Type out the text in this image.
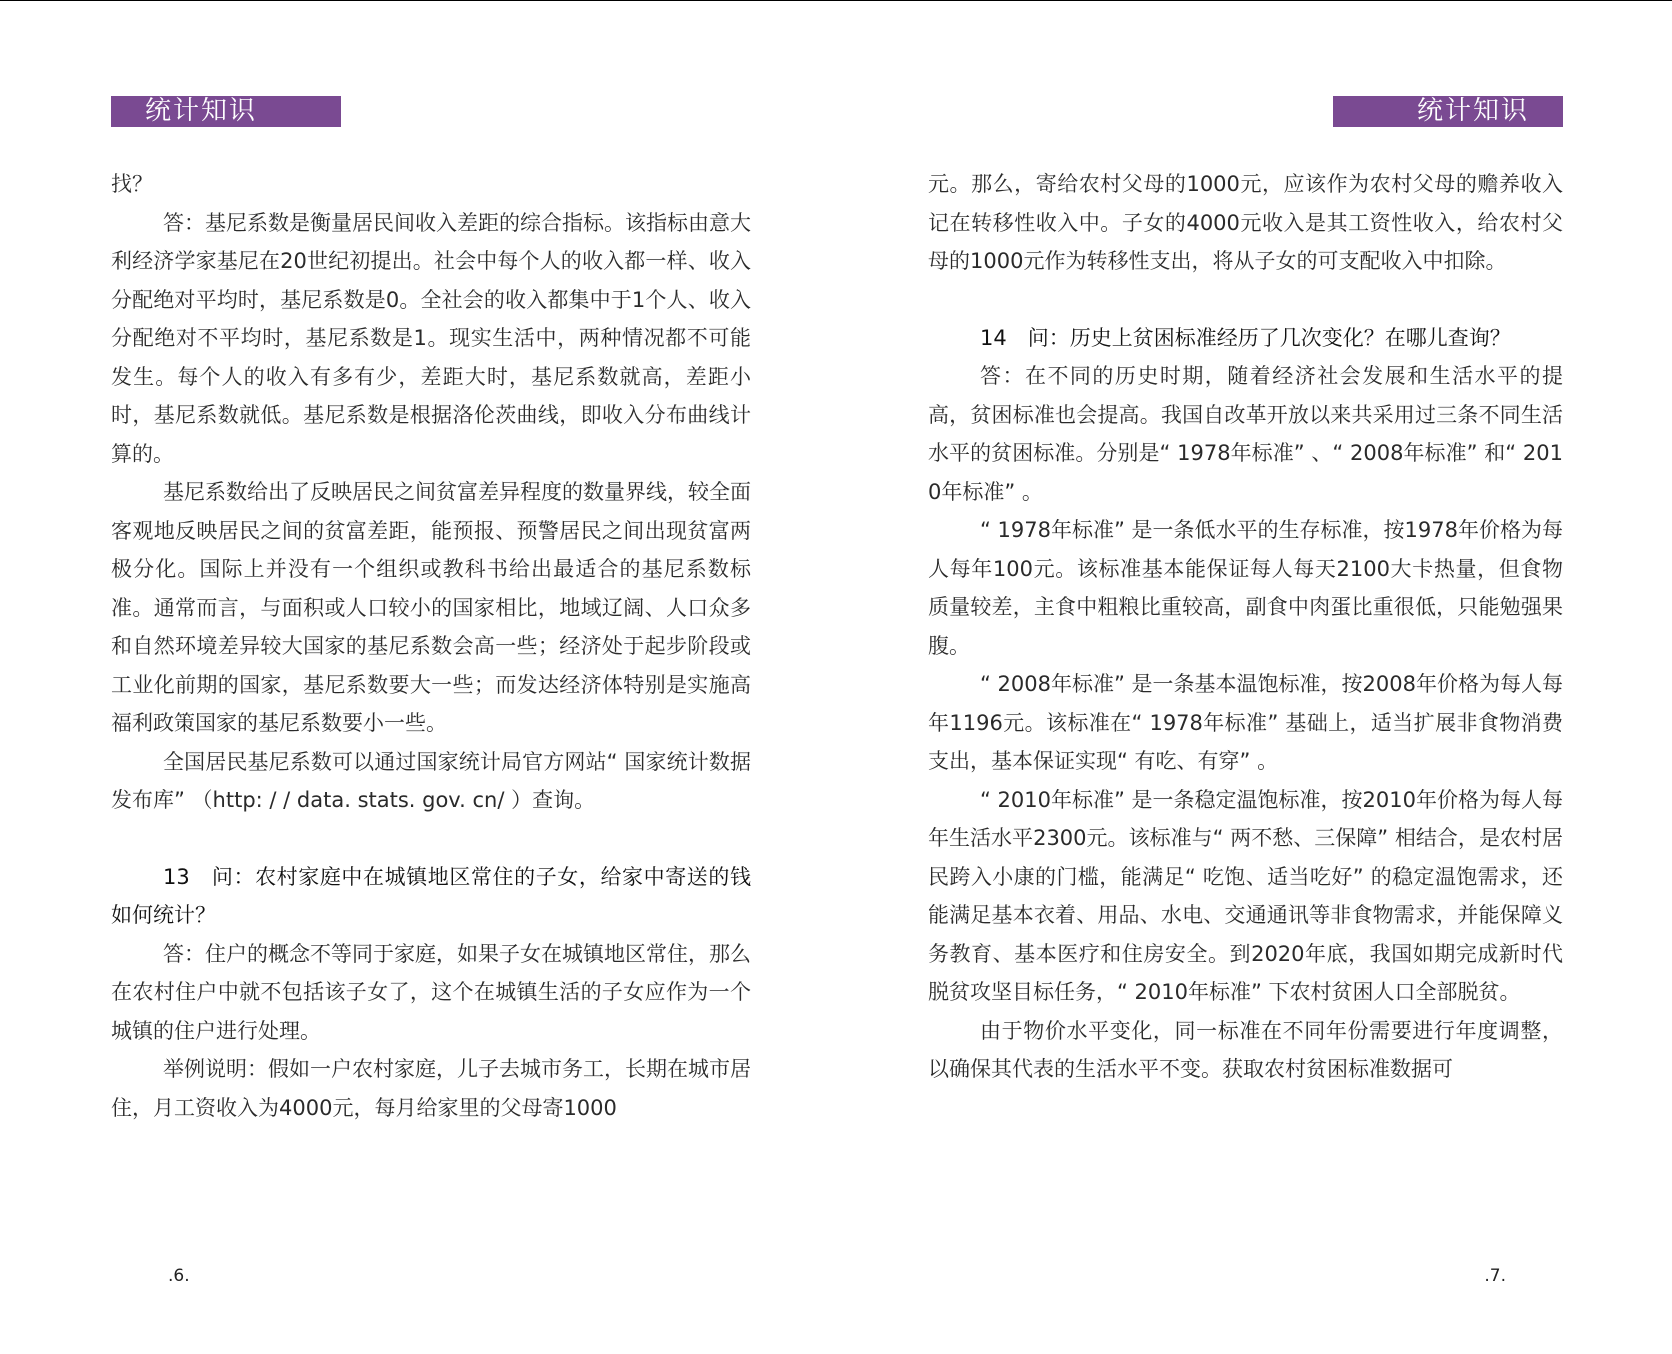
统计知识

找？

答：基尼系数是衡量居民间收入差距的综合指标。该指标由意大利经济学家基尼在20世纪初提出。社会中每个人的收入都一样、收入分配绝对平均时，基尼系数是0。全社会的收入都集中于1个人、收入分配绝对不平均时，基尼系数是1。现实生活中，两种情况都不可能发生。每个人的收入有多有少，差距大时，基尼系数就高，差距小时，基尼系数就低。基尼系数是根据洛伦茨曲线，即收入分布曲线计算的。

基尼系数给出了反映居民之间贫富差异程度的数量界线，较全面客观地反映居民之间的贫富差距，能预报、预警居民之间出现贫富两极分化。国际上并没有一个组织或教科书给出最适合的基尼系数标准。通常而言，与面积或人口较小的国家相比，地域辽阔、人口众多和自然环境差异较大国家的基尼系数会高一些；经济处于起步阶段或工业化前期的国家，基尼系数要大一些；而发达经济体特别是实施高福利政策国家的基尼系数要小一些。

全国居民基尼系数可以通过国家统计局官方网站“ 国家统计数据发布库” （http: / / data. stats. gov. cn/ ）查询。

13　问：农村家庭中在城镇地区常住的子女，给家中寄送的钱如何统计？

答：住户的概念不等同于家庭，如果子女在城镇地区常住，那么在农村住户中就不包括该子女了，这个在城镇生活的子女应作为一个城镇的住户进行处理。

举例说明：假如一户农村家庭，儿子去城市务工，长期在城市居住，月工资收入为4000元，每月给家里的父母寄1000

.6.
统计知识

元。那么，寄给农村父母的1000元，应该作为农村父母的赡养收入记在转移性收入中。子女的4000元收入是其工资性收入，给农村父母的1000元作为转移性支出，将从子女的可支配收入中扣除。

14　问：历史上贫困标准经历了几次变化？在哪儿查询？

答：在不同的历史时期，随着经济社会发展和生活水平的提高，贫困标准也会提高。我国自改革开放以来共采用过三条不同生活水平的贫困标准。分别是“ 1978年标准” 、“ 2008年标准” 和“ 2010年标准” 。

“ 1978年标准” 是一条低水平的生存标准，按1978年价格为每人每年100元。该标准基本能保证每人每天2100大卡热量，但食物质量较差，主食中粗粮比重较高，副食中肉蛋比重很低，只能勉强果腹。

“ 2008年标准” 是一条基本温饱标准，按2008年价格为每人每年1196元。该标准在“ 1978年标准” 基础上，适当扩展非食物消费支出，基本保证实现“ 有吃、有穿” 。

“ 2010年标准” 是一条稳定温饱标准，按2010年价格为每人每年生活水平2300元。该标准与“ 两不愁、三保障” 相结合，是农村居民跨入小康的门槛，能满足“ 吃饱、适当吃好” 的稳定温饱需求，还能满足基本衣着、用品、水电、交通通讯等非食物需求，并能保障义务教育、基本医疗和住房安全。到2020年底，我国如期完成新时代脱贫攻坚目标任务，“ 2010年标准” 下农村贫困人口全部脱贫。

由于物价水平变化，同一标准在不同年份需要进行年度调整，以确保其代表的生活水平不变。获取农村贫困标准数据可

.7.
